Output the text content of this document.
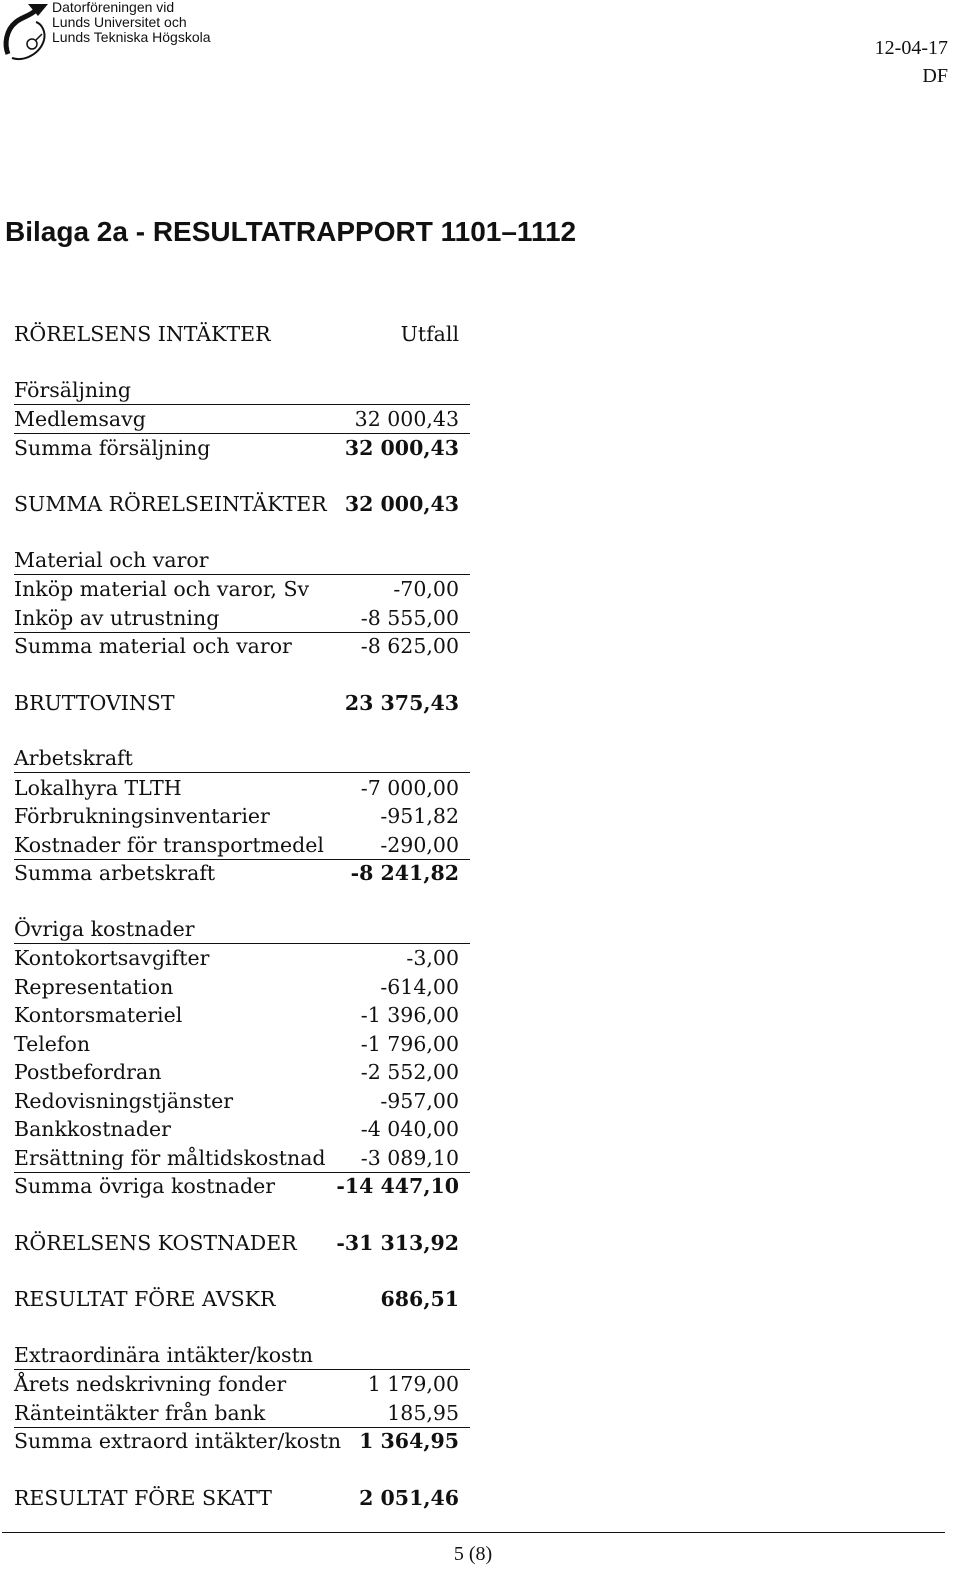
Datorföreningen vid
Lunds Universitet och
Lunds Tekniska Högskola	12-04-17
DF
Bilaga 2a - RESULTATRAPPORT 1101–1112
RÖRELSENS INTÄKTER	Utfall
Försäljning
Medlemsavg	32 000,43
Summa försäljning	32 000,43
SUMMA RÖRELSEINTÄKTER 32 000,43
Material och varor
Inköp material och varor, Sv	-70,00
Inköp av utrustning	-8 555,00
Summa material och varor	-8 625,00
BRUTTOVINST	23 375,43
Arbetskraft
Lokalhyra TLTH	-7 000,00
Förbrukningsinventarier	-951,82
Kostnader för transportmedel	-290,00
Summa arbetskraft	-8 241,82
Övriga kostnader
Kontokortsavgifter	-3,00
Representation	-614,00
Kontorsmateriel	-1 396,00
Telefon	-1 796,00
Postbefordran	-2 552,00
Redovisningstjänster	-957,00
Bankkostnader	-4 040,00
Ersättning för måltidskostnad -3 089,10
Summa övriga kostnader	-14 447,10
RÖRELSENS KOSTNADER -31 313,92
RESULTAT FÖRE AVSKR	686,51
Extraordinära intäkter/kostn
Årets nedskrivning fonder	1 179,00
Ränteintäkter från bank	185,95
Summa extraord intäkter/kostn 1 364,95
RESULTAT FÖRE SKATT	2 051,46
5 (8)
